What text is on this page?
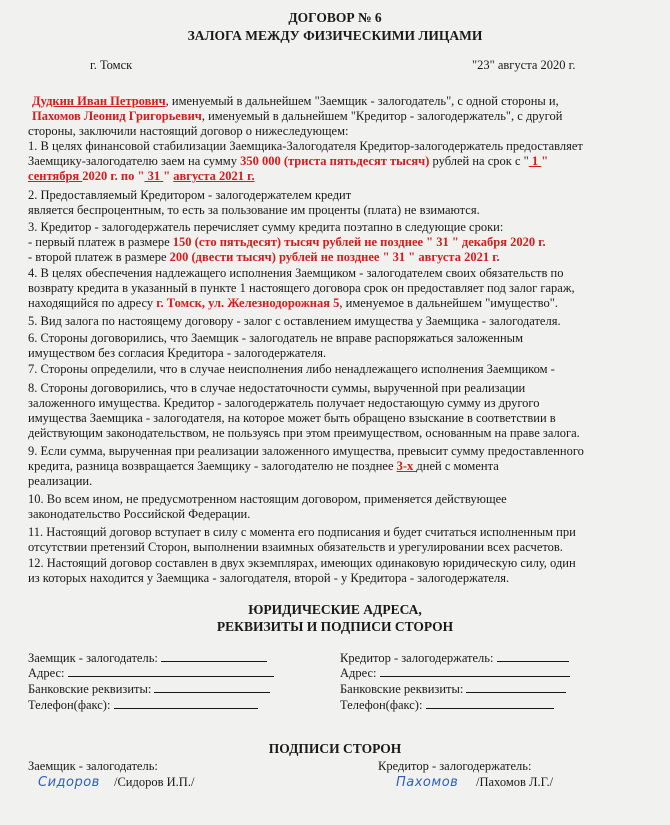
ДОГОВОР № 6
ЗАЛОГА МЕЖДУ ФИЗИЧЕСКИМИ ЛИЦАМИ
г. Томск	"23" августа 2020 г.
Дудкин Иван Петрович, именуемый в дальнейшем "Заемщик - залогодатель", с одной стороны и,
Пахомов Леонид Григорьевич, именуемый в дальнейшем "Кредитор - залогодержатель", с другой
стороны, заключили настоящий договор о нижеследующем:
1. В целях финансовой стабилизации Заемщика-Залогодателя Кредитор-залогодержатель предоставляет
Заемщику-залогодателю заем на сумму 350 000 (триста пятьдесят тысяч) рублей на срок с " 1 "
сентября 2020 г. по " 31 " августа 2021 г.
2. Предоставляемый Кредитором - залогодержателем кредит
является беспроцентным, то есть за пользование им проценты (плата) не взимаются.
3. Кредитор - залогодержатель перечисляет сумму кредита поэтапно в следующие сроки:
- первый платеж в размере 150 (сто пятьдесят) тысяч рублей не позднее " 31 " декабря 2020 г.
- второй платеж в размере 200 (двести тысяч) рублей не позднее " 31 " августа 2021 г.
4. В целях обеспечения надлежащего исполнения Заемщиком - залогодателем своих обязательств по
возврату кредита в указанный в пункте 1 настоящего договора срок он предоставляет под залог гараж,
находящийся по адресу г. Томск, ул. Железнодорожная 5, именуемое в дальнейшем "имущество".
5. Вид залога по настоящему договору - залог с оставлением имущества у Заемщика - залогодателя.
6. Стороны договорились, что Заемщик - залогодатель не вправе распоряжаться заложенным
имуществом без согласия Кредитора - залогодержателя.
7. Стороны определили, что в случае неисполнения либо ненадлежащего исполнения Заемщиком -
8. Стороны договорились, что в случае недостаточности суммы, вырученной при реализации
заложенного имущества. Кредитор - залогодержатель получает недостающую сумму из другого
имущества Заемщика - залогодателя, на которое может быть обращено взыскание в соответствии в
действующим законодательством, не пользуясь при этом преимуществом, основанным на праве залога.
9. Если сумма, вырученная при реализации заложенного имущества, превысит сумму предоставленного
кредита, разница возвращается Заемщику - залогодателю не позднее 3-х дней с момента
реализации.
10. Во всем ином, не предусмотренном настоящим договором, применяется действующее
законодательство Российской Федерации.
11. Настоящий договор вступает в силу с момента его подписания и будет считаться исполненным при
отсутствии претензий Сторон, выполнении взаимных обязательств и урегулировании всех расчетов.
12. Настоящий договор составлен в двух экземплярах, имеющих одинаковую юридическую силу, один
из которых находится у Заемщика - залогодателя, второй - у Кредитора - залогодержателя.
ЮРИДИЧЕСКИЕ АДРЕСА,
РЕКВИЗИТЫ И ПОДПИСИ СТОРОН
Заемщик - залогодатель:
Адрес:
Банковские реквизиты:
Телефон(факс):
Кредитор - залогодержатель:
Адрес:
Банковские реквизиты:
Телефон(факс):
ПОДПИСИ СТОРОН
Заемщик - залогодатель:	Кредитор - залогодержатель:
Сидоров /Сидоров И.П./	Пахомов /Пахомов Л.Г./
